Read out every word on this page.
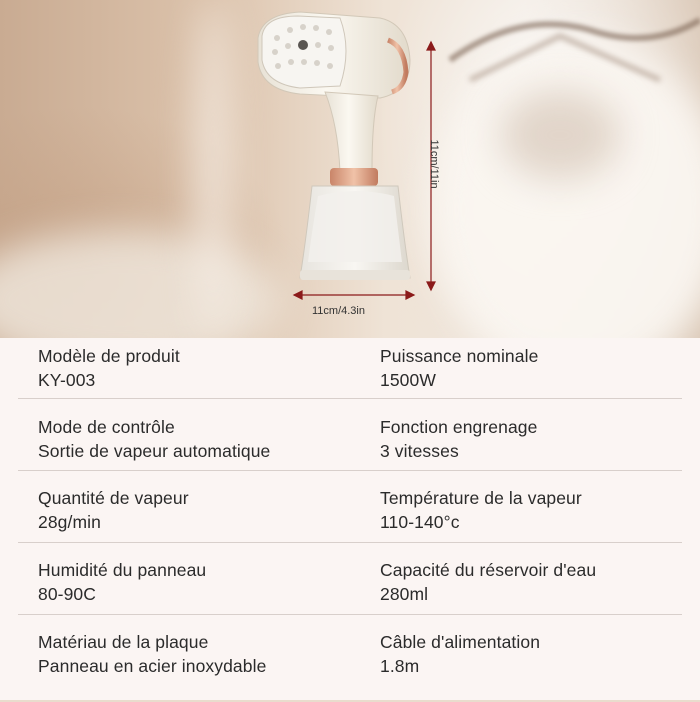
11cm/11in
11cm/4.3in
Modèle de produit
KY-003
Puissance nominale
1500W
Mode de contrôle
Sortie de vapeur automatique
Fonction engrenage
3 vitesses
Quantité de vapeur
28g/min
Température de la vapeur
110-140°c
Humidité du panneau
80-90C
Capacité du réservoir d'eau
280ml
Matériau de la plaque
Panneau en acier inoxydable
Câble d'alimentation
1.8m
